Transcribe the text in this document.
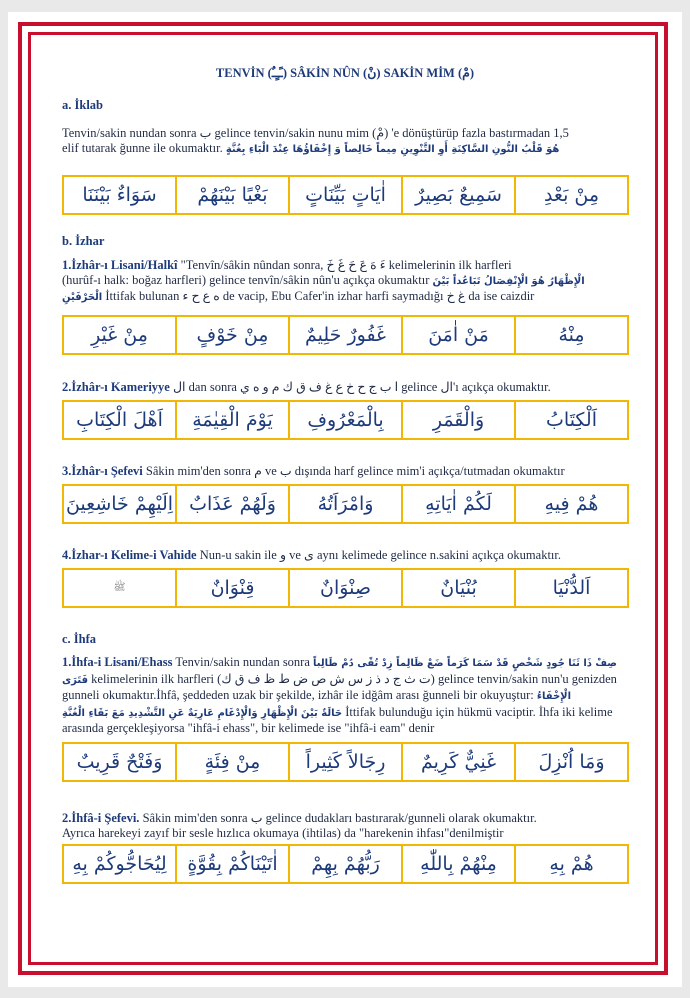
TENVİN (ـًـٍـٌ) SÂKİN NÛN (نْ) SAKİN MİM (مْ)
a. İklab
Tenvin/sakin nundan sonra ب gelince tenvin/sakin nunu mim (مْ) 'e dönüştürüp fazla bastırmadan 1,5
elif tutarak ğunne ile okumaktır. هُوَ قَلْبُ النُّونِ السَّاكِنَةِ أَوِ التَّنْوِينِ مِيماً خَالِصاً وَ إِخْفَاؤُهَا عِنْدَ الْبَاءِ بِغُنَّةٍ
مِنْ بَعْدِ
سَمِيعٌ بَصِيرٌ
اٰيَاتٍ بَيِّنَاتٍ
بَغْيًا بَيْنَهُمْ
سَوَاءٌ بَيْنَنَا
b. İzhar
1.İzhâr-ı Lisani/Halkî "Tenvîn/sâkin nûndan sonra, ءَ هَ عَ حَ غَ خَ kelimelerinin ilk harfleri
(hurûf-ı halk: boğaz harfleri) gelince tenvîn/sâkin nûn'u açıkça okumaktır الْإِظْهَارُ هُوَ الْإِنْفِصَالُ تَبَاعُداً بَيْنَ
الْحَرْفَيْنِ İttifak bulunan ه ع ح ء de vacip, Ebu Cafer'in izhar harfi saymadığı غ خ da ise caizdir
مِنْهُ
مَنْ اٰمَنَ
غَفُورٌ حَلِيمٌ
مِنْ خَوْفٍ
مِنْ غَيْرِ
2.İzhâr-ı Kameriyye ال dan sonra ا ب ج ح خ ع غ ف ق ك م و ه ي gelince ال'ı açıkça okumaktır.
اَلْكِتَابُ
وَالْقَمَرِ
بِالْمَعْرُوفِ
يَوْمَ الْقِيٰمَةِ
اَهْلَ الْكِتَابِ
3.İzhâr-ı Şefevi Sâkin mim'den sonra م ve ب dışında harf gelince mim'i açıkça/tutmadan okumaktır
هُمْ فِيهِ
لَكُمْ اٰيَاتِهِ
وَامْرَاَتُهُ
وَلَهُمْ عَذَابٌ
اِلَيْهِمْ خَاشِعِينَ
4.İzhar-ı Kelime-i Vahide Nun-u sakin ile و ve ى aynı kelimede gelince n.sakini açıkça okumaktır.
اَلدُّنْيَا
بُنْيَانٌ
صِنْوَانٌ
قِنْوَانٌ
ﷺ
c. İhfa
1.İhfa-i Lisani/Ehass Tenvin/sakin nundan sonra صِفْ ذَا ثَنَا جُودٍ شَخْصٍ قَدْ سَمَا كَرَماً ضَعْ ظَالِماً زِدْ تُقًى دُمْ طَالِباً
فَتَرَى kelimelerinin ilk harfleri (ت ث ج د ذ ز س ش ص ض ط ظ ف ق ك) gelince tenvin/sakin nun'u genizden
gunneli okumaktır.İhfâ, şeddeden uzak bir şekilde, izhâr ile idğâm arası ğunneli bir okuyuştur: الْإِخْفَاءُ
حَالَةٌ بَيْنَ الْإِظْهَارِ وَالْإِدْغَامِ عَارِيَةٌ عَنِ التَّشْدِيدِ مَعَ بَقَاءِ الْغُنَّةِ İttifak bulunduğu için hükmü vaciptir. İhfa iki kelime
arasında gerçekleşiyorsa "ihfâ-i ehass", bir kelimede ise "ihfâ-i eam" denir
وَمَا اُنْزِلَ
غَنِيٌّ كَرِيمٌ
رِجَالاً كَثِيراً
مِنْ فِئَةٍ
وَفَتْحٌ قَرِيبٌ
2.İhfâ-i Şefevi. Sâkin mim'den sonra ب gelince dudakları bastırarak/gunneli olarak okumaktır.
Ayrıca harekeyi zayıf bir sesle hızlıca okumaya (ihtilas) da "harekenin ihfası"denilmiştir
هُمْ بِهِ
مِنْهُمْ بِاللّٰهِ
رَبُّهُمْ بِهِمْ
اٰتَيْنَاكُمْ بِقُوَّةٍ
لِيُحَاجُّوكُمْ بِهِ
